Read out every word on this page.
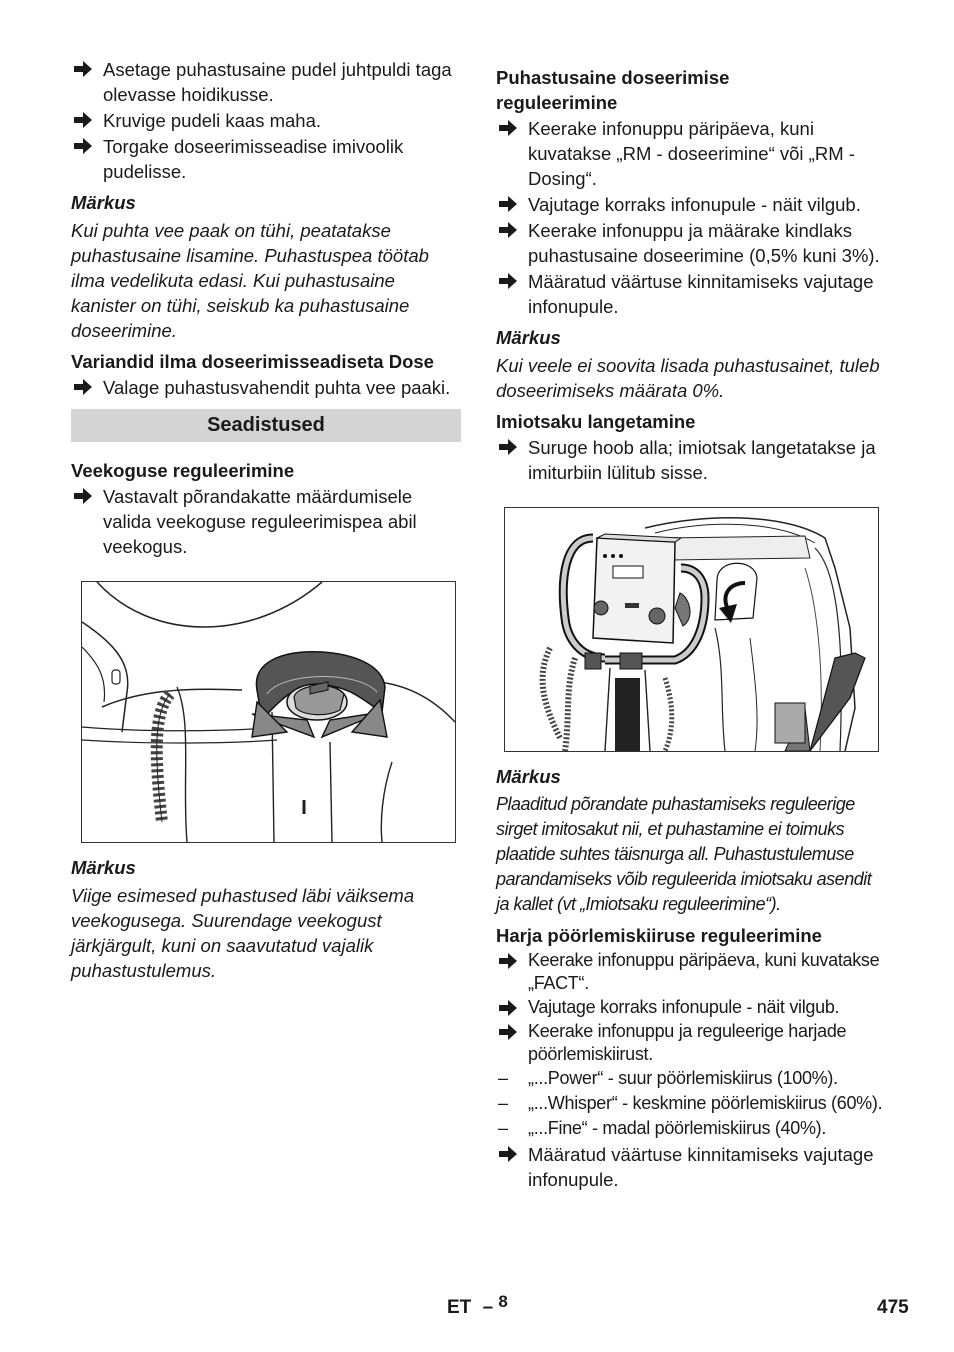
Asetage puhastusaine pudel juhtpuldi taga olevasse hoidikusse.
Kruvige pudeli kaas maha.
Torgake doseerimisseadise imivoolik pudelisse.
Märkus
Kui puhta vee paak on tühi, peatatakse puhastusaine lisamine. Puhastuspea töötab ilma vedelikuta edasi. Kui puhastusaine kanister on tühi, seiskub ka puhastusaine doseerimine.
Variandid ilma doseerimisseadiseta Dose
Valage puhastusvahendit puhta vee paaki.
Seadistused
Veekoguse reguleerimine
Vastavalt põrandakatte määrdumisele valida veekoguse reguleerimispea abil veekogus.
Märkus
Viige esimesed puhastused läbi väiksema veekogusega. Suurendage veekogust järkjärgult, kuni on saavutatud vajalik puhastustulemus.
Puhastusaine doseerimise reguleerimine
Keerake infonuppu päripäeva, kuni kuvatakse „RM - doseerimine“ või „RM - Dosing“.
Vajutage korraks infonupule - näit vilgub.
Keerake infonuppu ja määrake kindlaks puhastusaine doseerimine (0,5% kuni 3%).
Määratud väärtuse kinnitamiseks vajutage infonupule.
Märkus
Kui veele ei soovita lisada puhastusainet, tuleb doseerimiseks määrata 0%.
Imiotsaku langetamine
Suruge hoob alla; imiotsak langetatakse ja imiturbiin lülitub sisse.
Märkus
Plaaditud põrandate puhastamiseks reguleerige sirget imitosakut nii, et puhastamine ei toimuks plaatide suhtes täisnurga all. Puhastustulemuse parandamiseks võib reguleerida imiotsaku asendit ja kallet (vt „Imiotsaku reguleerimine“).
Harja pöörlemiskiiruse reguleerimine
Keerake infonuppu päripäeva, kuni kuvatakse „FACT“.
Vajutage korraks infonupule - näit vilgub.
Keerake infonuppu ja reguleerige harjade pöörlemiskiirust.
– „...Power“ - suur pöörlemiskiirus (100%).
– „...Whisper“ - keskmine pöörlemiskiirus (60%).
– „...Fine“ - madal pöörlemiskiirus (40%).
Määratud väärtuse kinnitamiseks vajutage infonupule.
ET – 8	475
